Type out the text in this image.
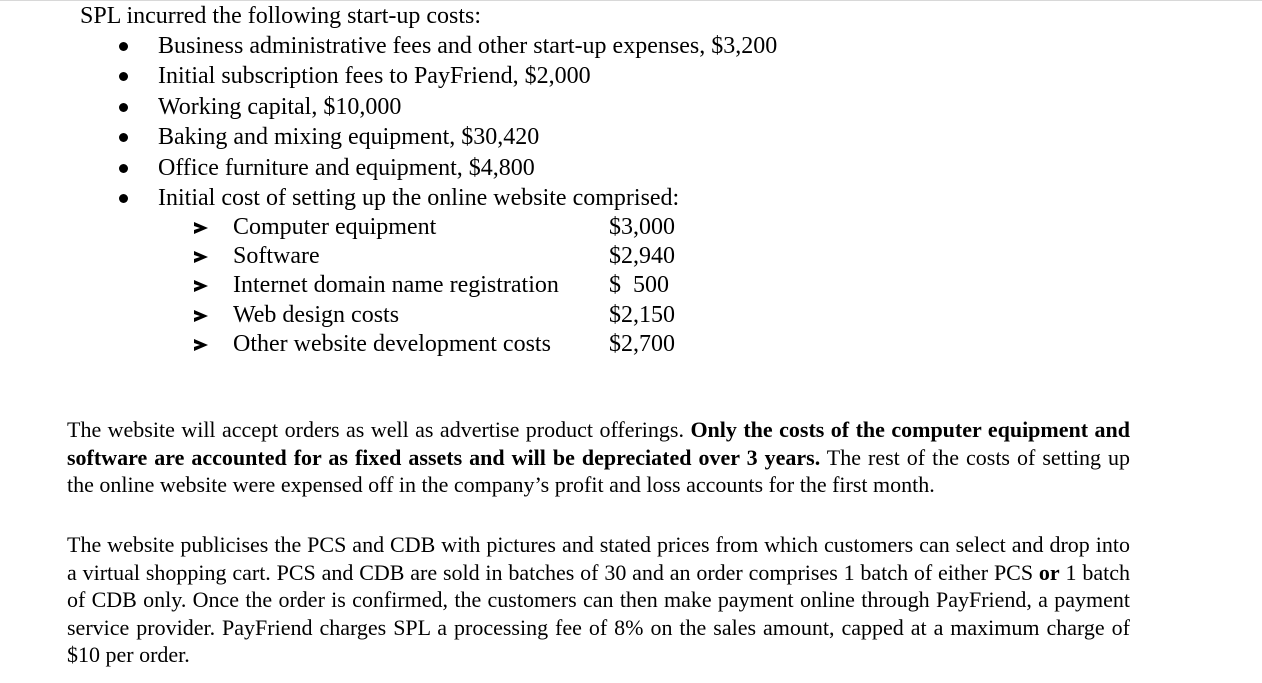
SPL incurred the following start-up costs:
Business administrative fees and other start-up expenses, $3,200
Initial subscription fees to PayFriend, $2,000
Working capital, $10,000
Baking and mixing equipment, $30,420
Office furniture and equipment, $4,800
Initial cost of setting up the online website comprised:
Computer equipment	$3,000
Software	$2,940
Internet domain name registration $  500
Web design costs	$2,150
Other website development costs $2,700

The website will accept orders as well as advertise product offerings. Only the costs of the computer equipment and software are accounted for as fixed assets and will be depreciated over 3 years. The rest of the costs of setting up the online website were expensed off in the company’s profit and loss accounts for the first month.

The website publicises the PCS and CDB with pictures and stated prices from which customers can select and drop into a virtual shopping cart. PCS and CDB are sold in batches of 30 and an order comprises 1 batch of either PCS or 1 batch of CDB only. Once the order is confirmed, the customers can then make payment online through PayFriend, a payment service provider. PayFriend charges SPL a processing fee of 8% on the sales amount, capped at a maximum charge of $10 per order.
